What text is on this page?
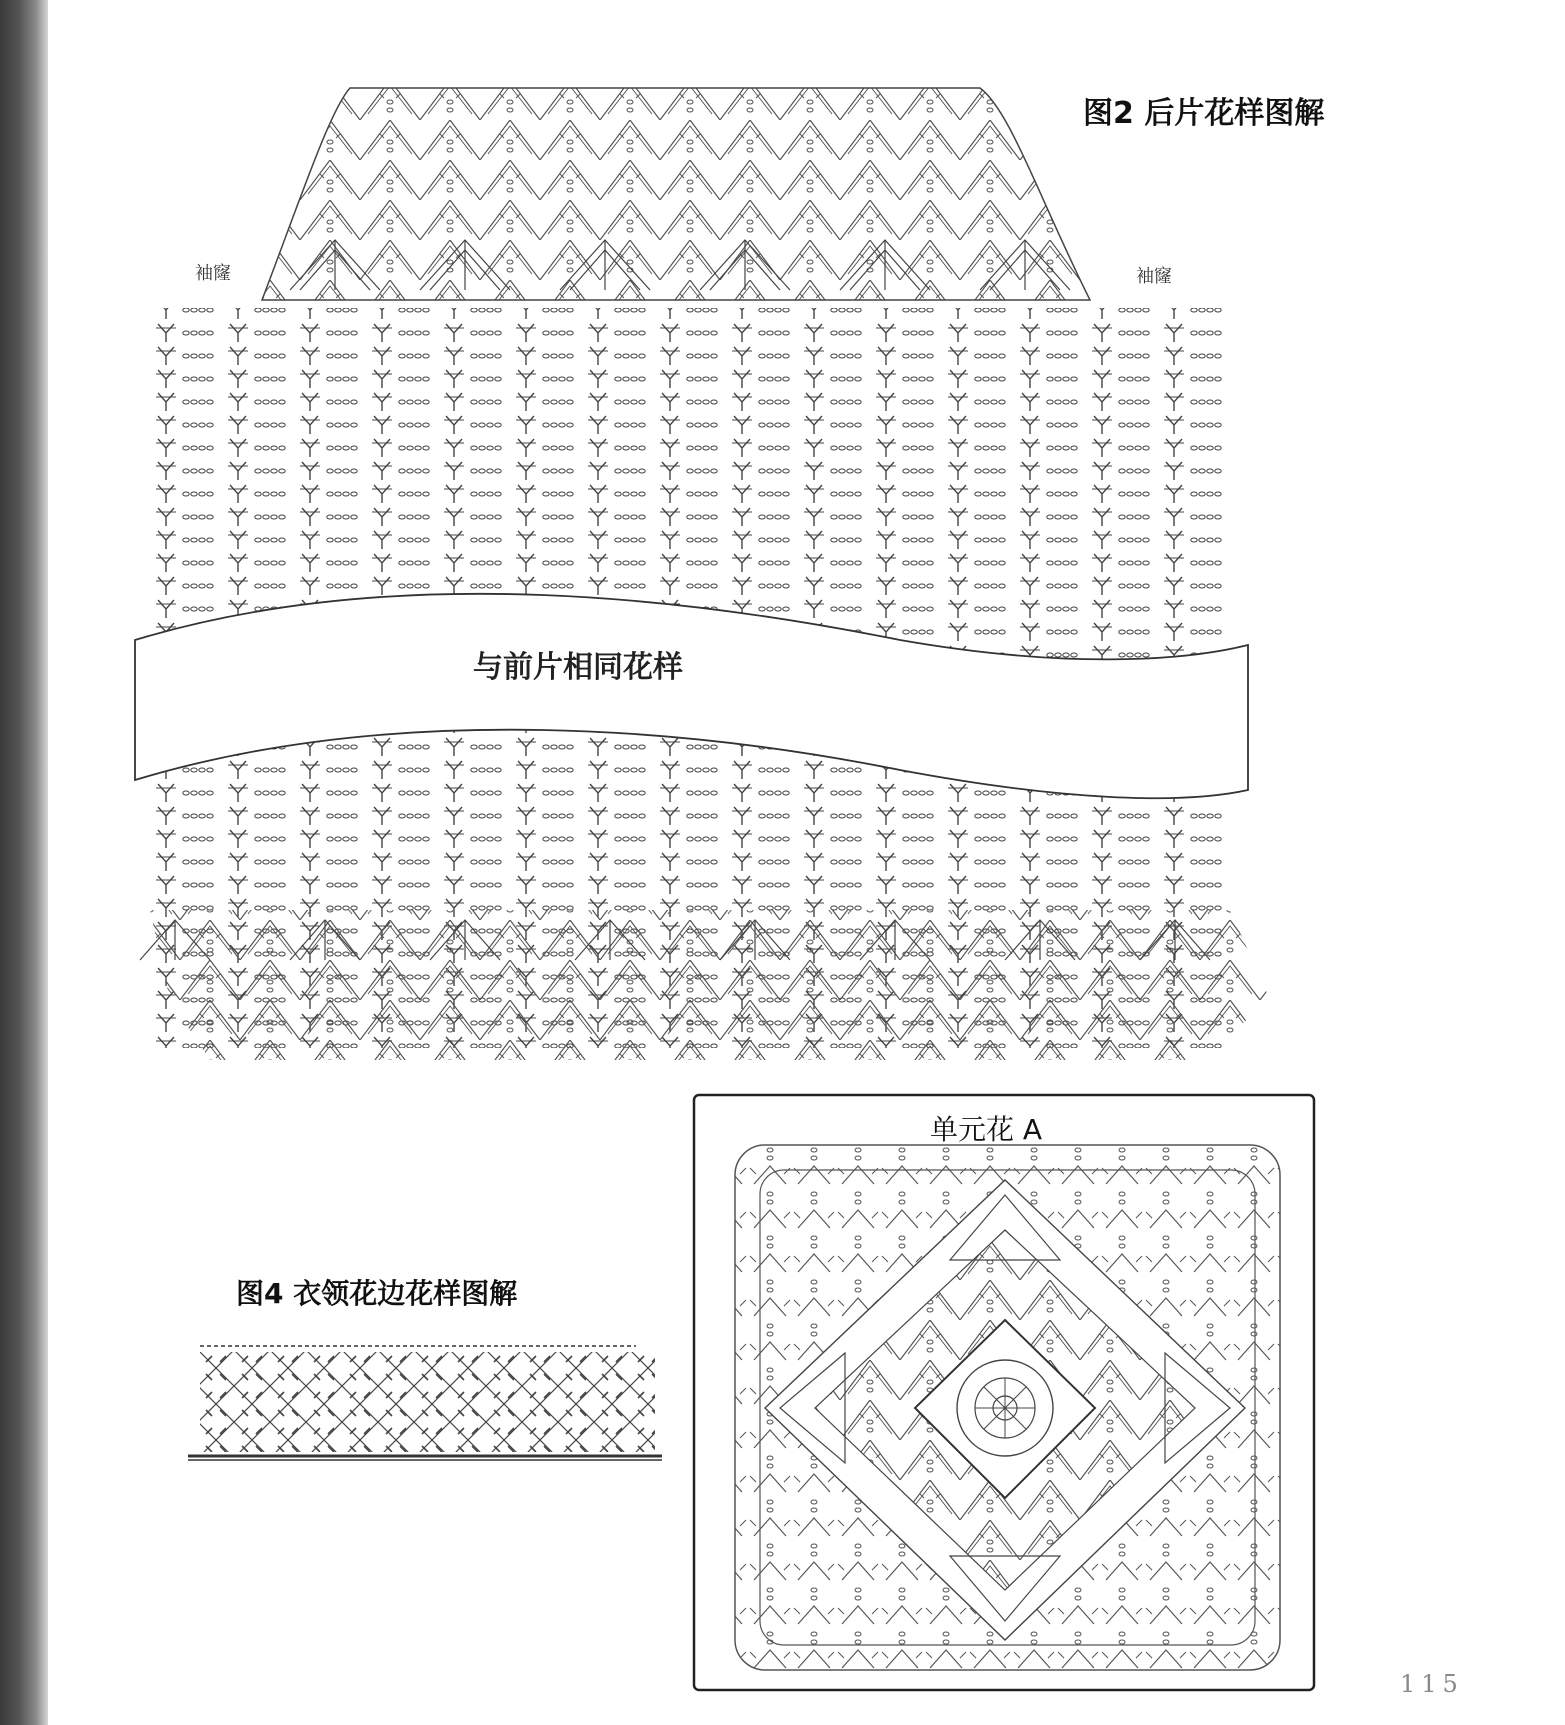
图2 后片花样图解
袖窿	袖窿
与前片相同花样
图4 衣领花边花样图解
单元花 A
115
